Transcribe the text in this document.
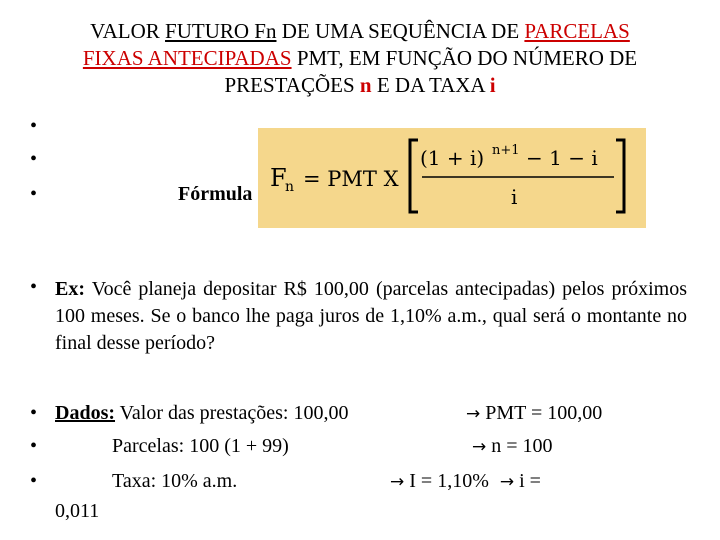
VALOR FUTURO Fn DE UMA SEQUÊNCIA DE PARCELAS
FIXAS ANTECIPADAS PMT, EM FUNÇÃO DO NÚMERO DE
PRESTAÇÕES n E DA TAXA i
•
•
•
F
n = PMT X
(1 + i) n+1 − 1 − i
i
Fórmula
• Ex: Você planeja depositar R$ 100,00 (parcelas antecipadas) pelos próximos 100 meses. Se o banco lhe paga juros de 1,10% a.m., qual será o montante no final desse período?
• Dados: Valor das prestações: 100,00	→ PMT = 100,00
•	Parcelas: 100 (1 + 99)	→ n = 100
•	Taxa: 10% a.m.	→ I = 1,10% → i =
0,011
